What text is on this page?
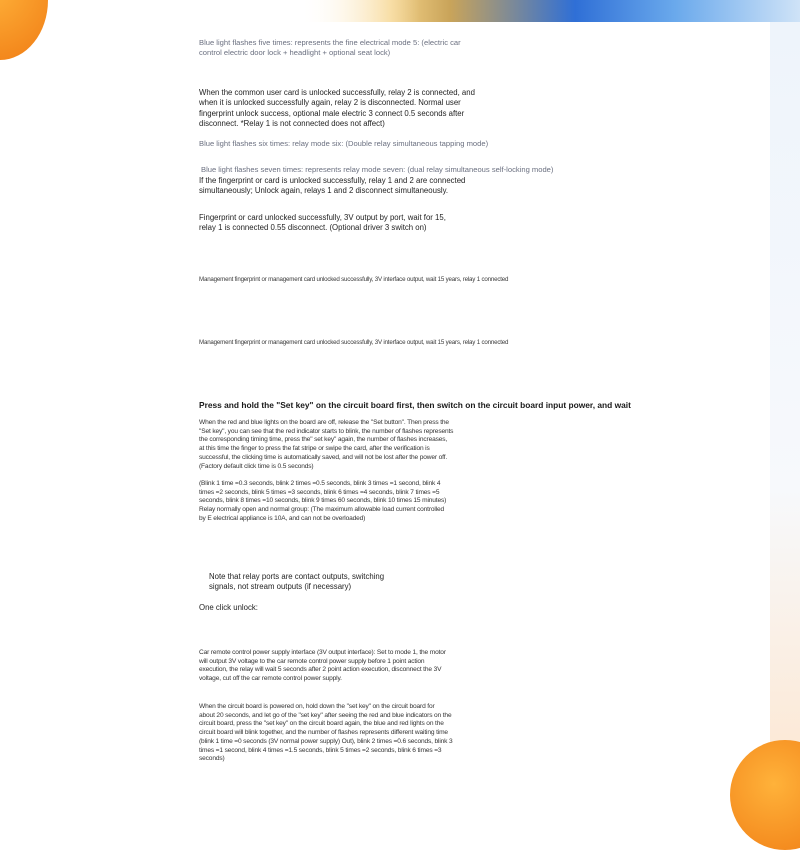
Blue light flashes five times: represents the fine electrical mode 5: (electric car
control electric door lock + headlight + optional seat lock)

When the common user card is unlocked successfully, relay 2 is connected, and
when it is unlocked successfully again, relay 2 is disconnected. Normal user
fingerprint unlock success, optional male electric 3 connect 0.5 seconds after
disconnect. *Relay 1 is not connected does not affect)

Blue light flashes six times: relay mode six: (Double relay simultaneous tapping mode)

Blue light flashes seven times: represents relay mode seven: (dual relay simultaneous self-locking mode)

If the fingerprint or card is unlocked successfully, relay 1 and 2 are connected
simultaneously; Unlock again, relays 1 and 2 disconnect simultaneously.

Fingerprint or card unlocked successfully, 3V output by port, wait for 15,
relay 1 is connected 0.55 disconnect. (Optional driver 3 switch on)

Management fingerprint or management card unlocked successfully, 3V interface output, wait 15 years, relay 1 connected

Management fingerprint or management card unlocked successfully, 3V interface output, wait 15 years, relay 1 connected

Press and hold the "Set key" on the circuit board first, then switch on the circuit board input power, and wait

When the red and blue lights on the board are off, release the "Set button". Then press the
"Set key", you can see that the red indicator starts to blink, the number of flashes represents
the corresponding timing time, press the" set key" again, the number of flashes increases,
at this time the finger to press the fat stripe or swipe the card, after the verification is
successful, the clicking time is automatically saved, and will not be lost after the power off.
(Factory default click time is 0.5 seconds)

(Blink 1 time =0.3 seconds, blink 2 times =0.5 seconds, blink 3 times =1 second, blink 4
times =2 seconds, blink 5 times =3 seconds, blink 6 times =4 seconds, blink 7 times =5
seconds, blink 8 times =10 seconds, blink 9 times 60 seconds, blink 10 times 15 minutes)
Relay normally open and normal group: (The maximum allowable load current controlled
by E electrical appliance is 10A, and can not be overloaded)

Note that relay ports are contact outputs, switching
signals, not stream outputs (if necessary)

One click unlock:

Car remote control power supply interface (3V output interface): Set to mode 1, the motor
will output 3V voltage to the car remote control power supply before 1 point action
execution, the relay will wait 5 seconds after 2 point action execution, disconnect the 3V
voltage, cut off the car remote control power supply.

When the circuit board is powered on, hold down the "set key" on the circuit board for
about 20 seconds, and let go of the "set key" after seeing the red and blue indicators on the
circuit board, press the "set key" on the circuit board again, the blue and red lights on the
circuit board will blink together, and the number of flashes represents different waiting time
(blink 1 time =0 seconds (3V normal power supply) Out), blink 2 times =0.6 seconds, blink 3
times =1 second, blink 4 times =1.5 seconds, blink 5 times =2 seconds, blink 6 times =3
seconds)
